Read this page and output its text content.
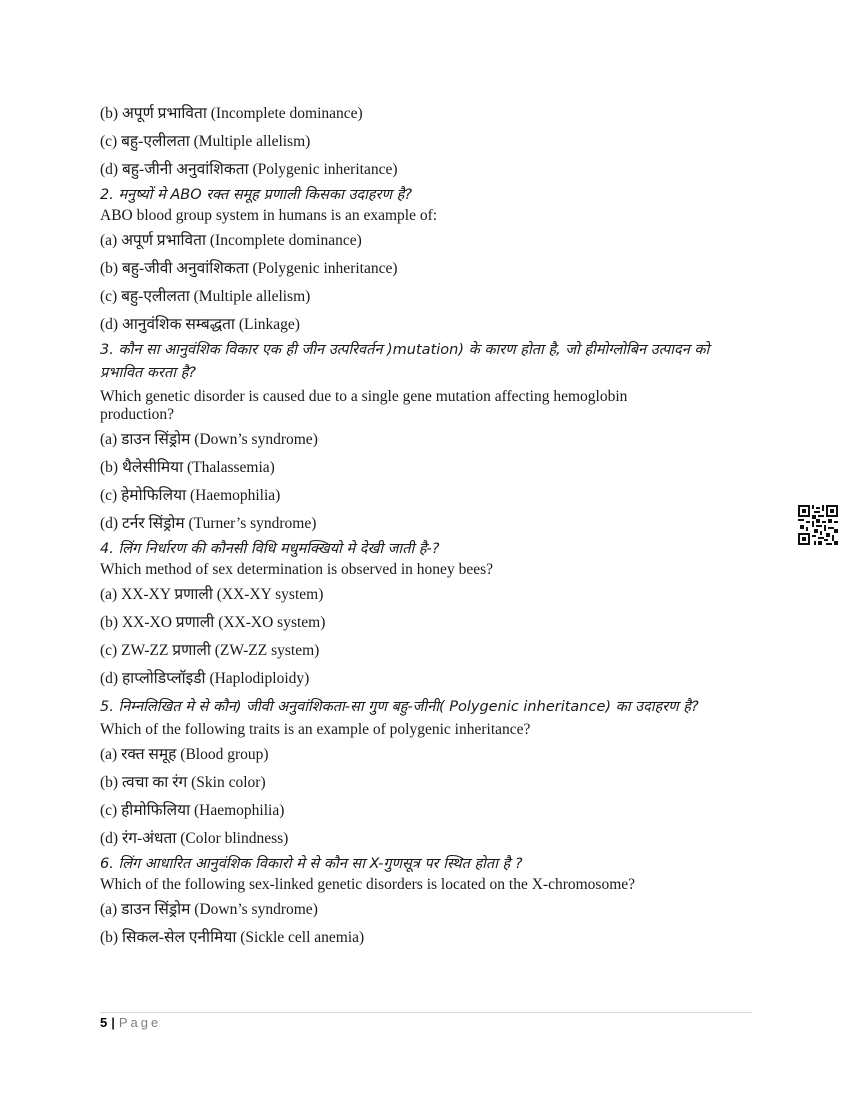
(b) अपूर्ण प्रभाविता (Incomplete dominance)
(c) बहु-एलीलता (Multiple allelism)
(d) बहु-जीनी अनुवांशिकता (Polygenic inheritance)
2. मनुष्यों मे ABO रक्त समूह प्रणाली किसका उदाहरण है?
ABO blood group system in humans is an example of:
(a) अपूर्ण प्रभाविता (Incomplete dominance)
(b) बहु-जीवी अनुवांशिकता (Polygenic inheritance)
(c) बहु-एलीलता (Multiple allelism)
(d) आनुवंशिक सम्बद्धता (Linkage)
3. कौन सा आनुवंशिक विकार एक ही जीन उत्परिवर्तन )mutation) के कारण होता है, जो हीमोग्लोबिन उत्पादन को प्रभावित करता है?
Which genetic disorder is caused due to a single gene mutation affecting hemoglobin production?
(a) डाउन सिंड्रोम (Down’s syndrome)
(b) थैलेसीमिया (Thalassemia)
(c) हेमोफिलिया (Haemophilia)
(d) टर्नर सिंड्रोम (Turner’s syndrome)
4. लिंग निर्धारण की कौनसी विधि मधुमक्खियो मे देखी जाती है-?
Which method of sex determination is observed in honey bees?
(a) XX-XY प्रणाली (XX-XY system)
(b) XX-XO प्रणाली (XX-XO system)
(c) ZW-ZZ प्रणाली (ZW-ZZ system)
(d) हाप्लोडिप्लॉइडी (Haplodiploidy)
5. निम्नलिखित मे से कौन) जीवी अनुवांशिकता-सा गुण बहु-जीनी( Polygenic inheritance) का उदाहरण है?
Which of the following traits is an example of polygenic inheritance?
(a) रक्त समूह (Blood group)
(b) त्वचा का रंग (Skin color)
(c) हीमोफिलिया (Haemophilia)
(d) रंग-अंधता (Color blindness)
6. लिंग आधारित आनुवंशिक विकारो मे से कौन सा X-गुणसूत्र पर स्थित होता है ?
Which of the following sex-linked genetic disorders is located on the X-chromosome?
(a) डाउन सिंड्रोम (Down’s syndrome)
(b) सिकल-सेल एनीमिया (Sickle cell anemia)
5 | Page
